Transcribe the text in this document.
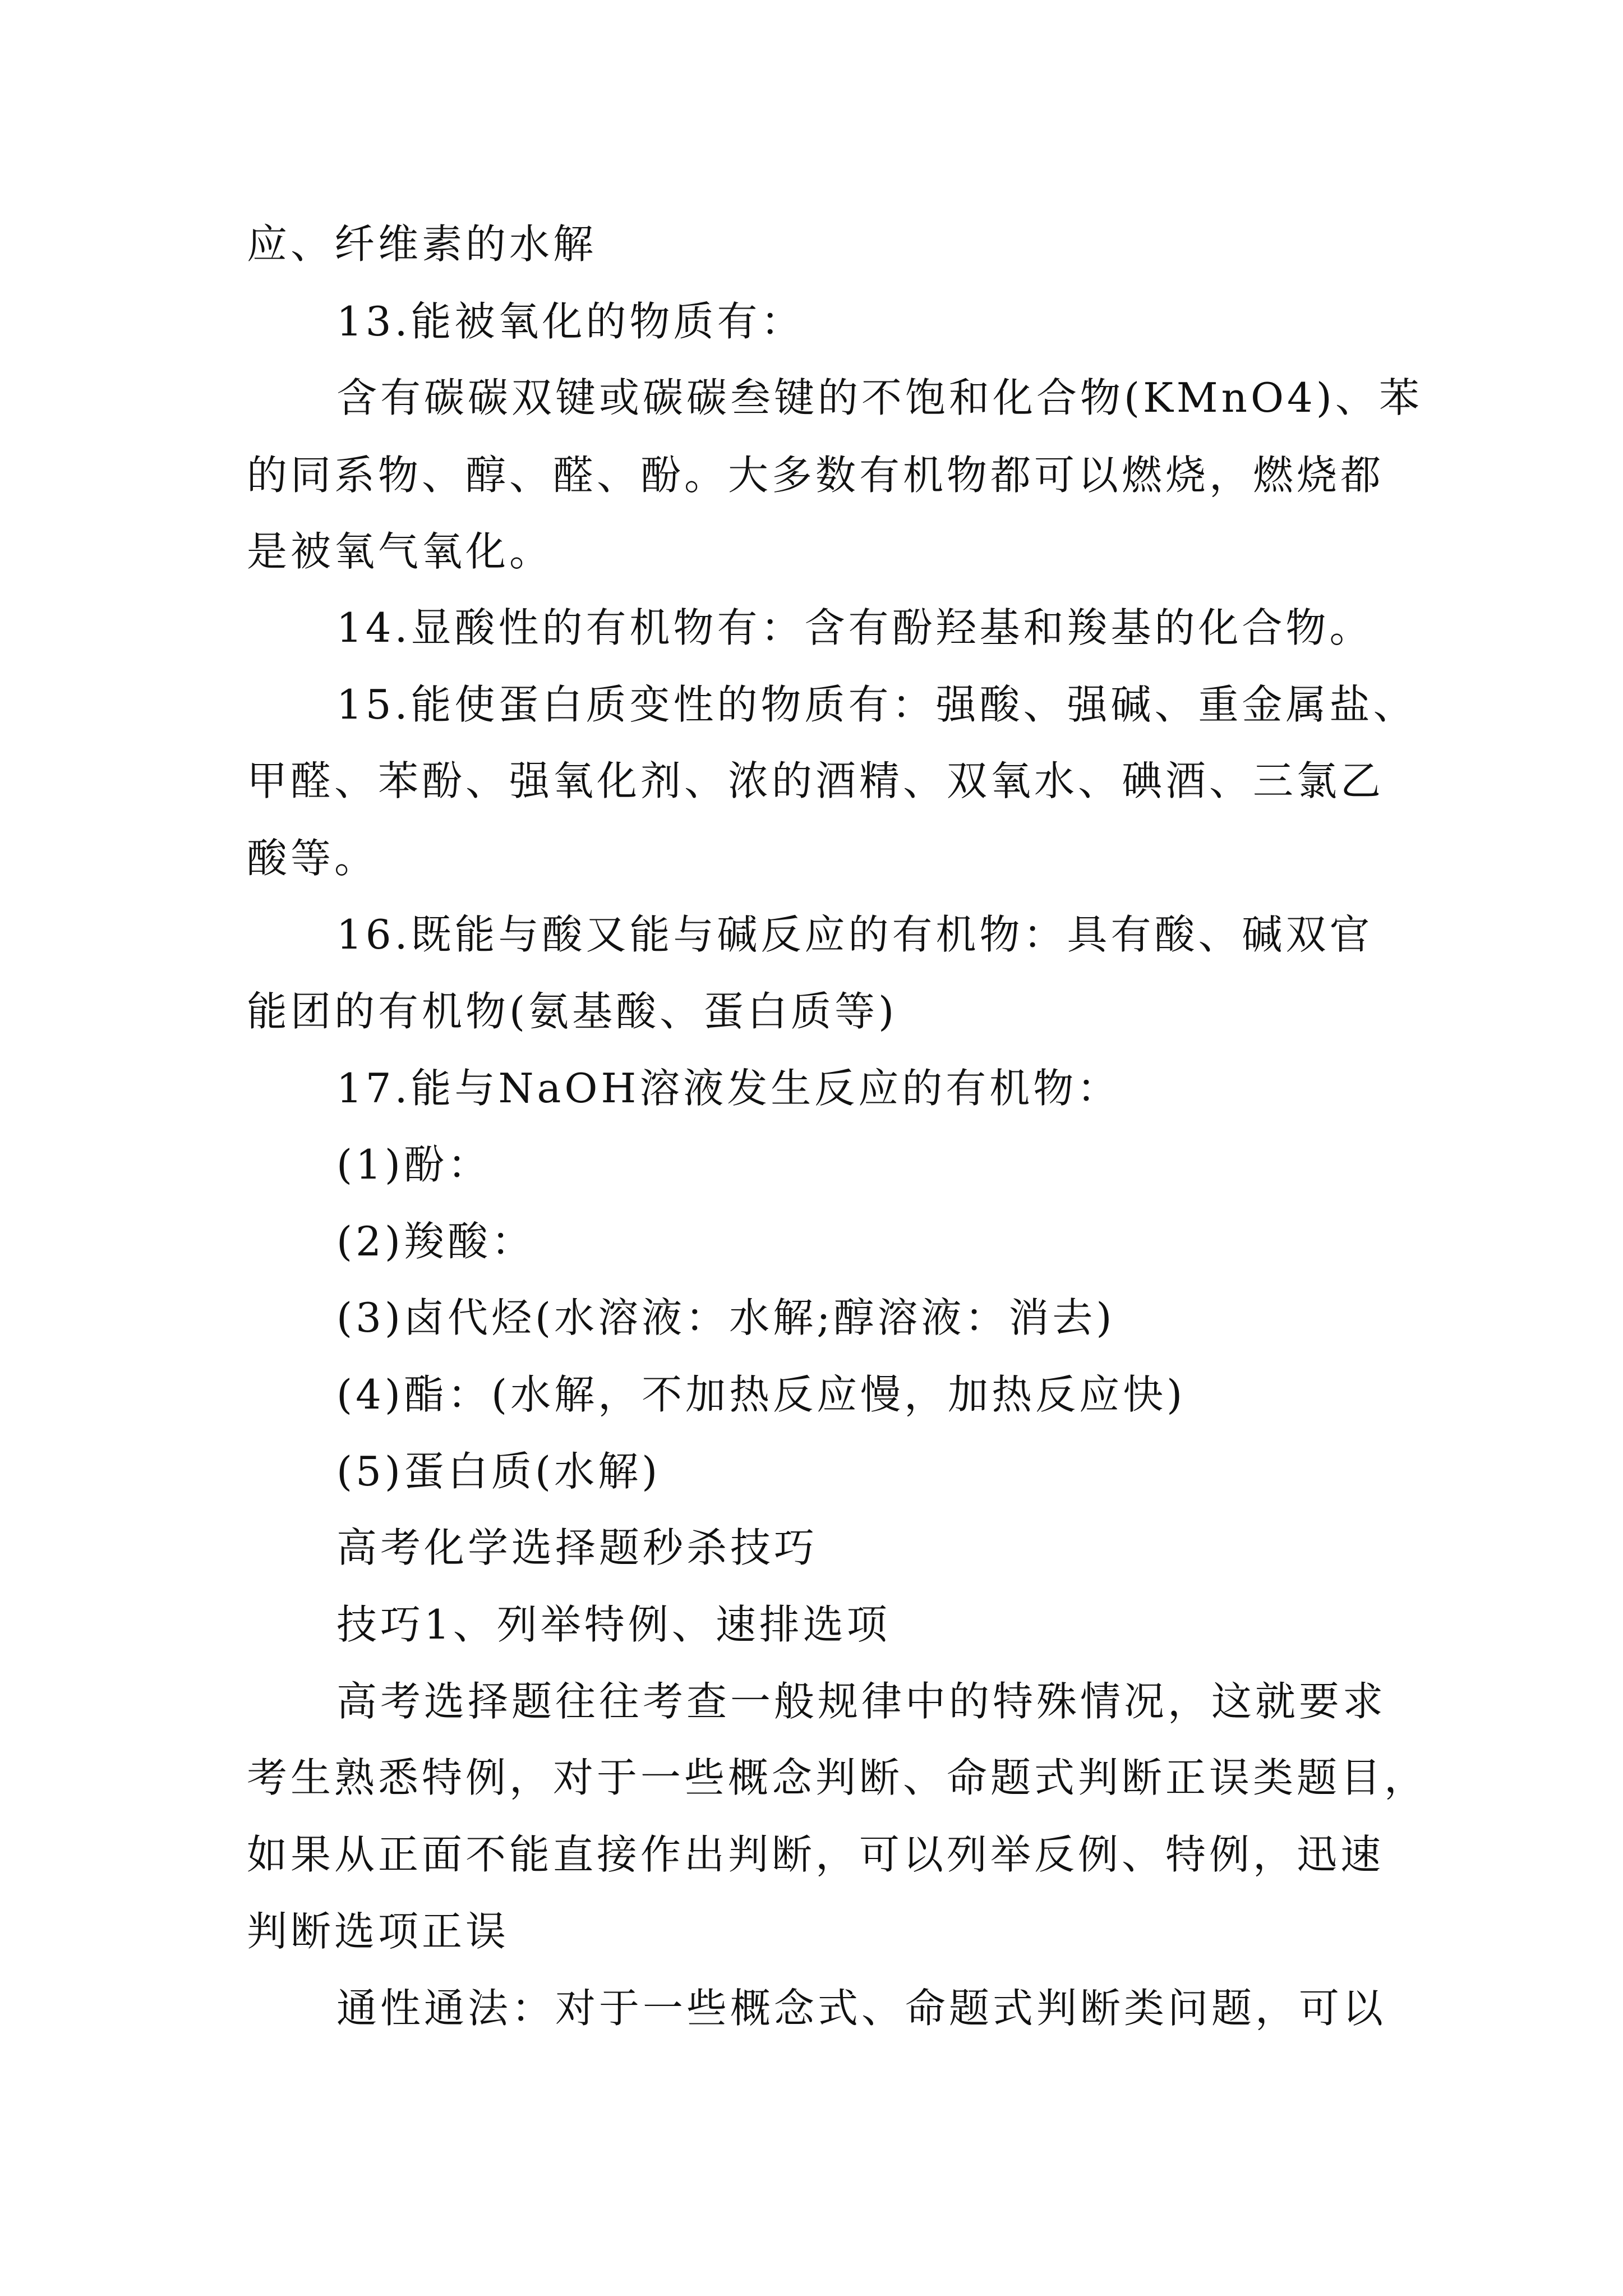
应、纤维素的水解
13.能被氧化的物质有：
含有碳碳双键或碳碳叁键的不饱和化合物(KMnO4)、苯
的同系物、醇、醛、酚。大多数有机物都可以燃烧，燃烧都
是被氧气氧化。
14.显酸性的有机物有：含有酚羟基和羧基的化合物。
15.能使蛋白质变性的物质有：强酸、强碱、重金属盐、
甲醛、苯酚、强氧化剂、浓的酒精、双氧水、碘酒、三氯乙
酸等。
16.既能与酸又能与碱反应的有机物：具有酸、碱双官
能团的有机物(氨基酸、蛋白质等)
17.能与NaOH溶液发生反应的有机物：
(1)酚：
(2)羧酸：
(3)卤代烃(水溶液：水解;醇溶液：消去)
(4)酯：(水解，不加热反应慢，加热反应快)
(5)蛋白质(水解)
高考化学选择题秒杀技巧
技巧1、列举特例、速排选项
高考选择题往往考查一般规律中的特殊情况，这就要求
考生熟悉特例，对于一些概念判断、命题式判断正误类题目，
如果从正面不能直接作出判断，可以列举反例、特例，迅速
判断选项正误
通性通法：对于一些概念式、命题式判断类问题，可以
